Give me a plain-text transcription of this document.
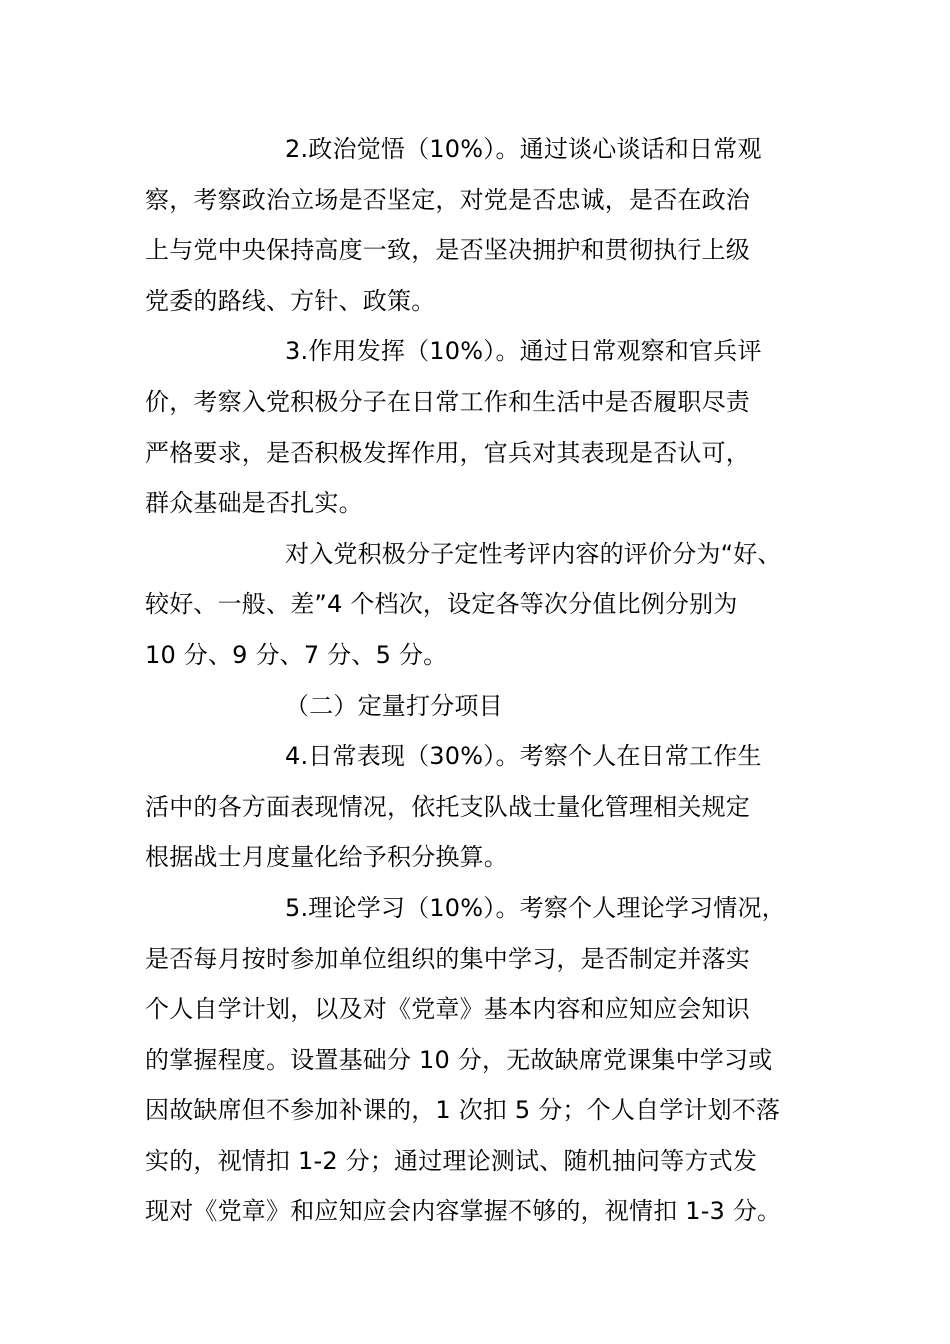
2.政治觉悟（10%）。通过谈心谈话和日常观
察，考察政治立场是否坚定，对党是否忠诚，是否在政治
上与党中央保持高度一致，是否坚决拥护和贯彻执行上级
党委的路线、方针、政策。
3.作用发挥（10%）。通过日常观察和官兵评
价，考察入党积极分子在日常工作和生活中是否履职尽责
严格要求，是否积极发挥作用，官兵对其表现是否认可，
群众基础是否扎实。
对入党积极分子定性考评内容的评价分为“好、
较好、一般、差”4 个档次，设定各等次分值比例分别为
10 分、9 分、7 分、5 分。
（二）定量打分项目
4.日常表现（30%）。考察个人在日常工作生
活中的各方面表现情况，依托支队战士量化管理相关规定
根据战士月度量化给予积分换算。
5.理论学习（10%）。考察个人理论学习情况，
是否每月按时参加单位组织的集中学习，是否制定并落实
个人自学计划，以及对《党章》基本内容和应知应会知识
的掌握程度。设置基础分 10 分，无故缺席党课集中学习或
因故缺席但不参加补课的，1 次扣 5 分；个人自学计划不落
实的，视情扣 1-2 分；通过理论测试、随机抽问等方式发
现对《党章》和应知应会内容掌握不够的，视情扣 1-3 分。
